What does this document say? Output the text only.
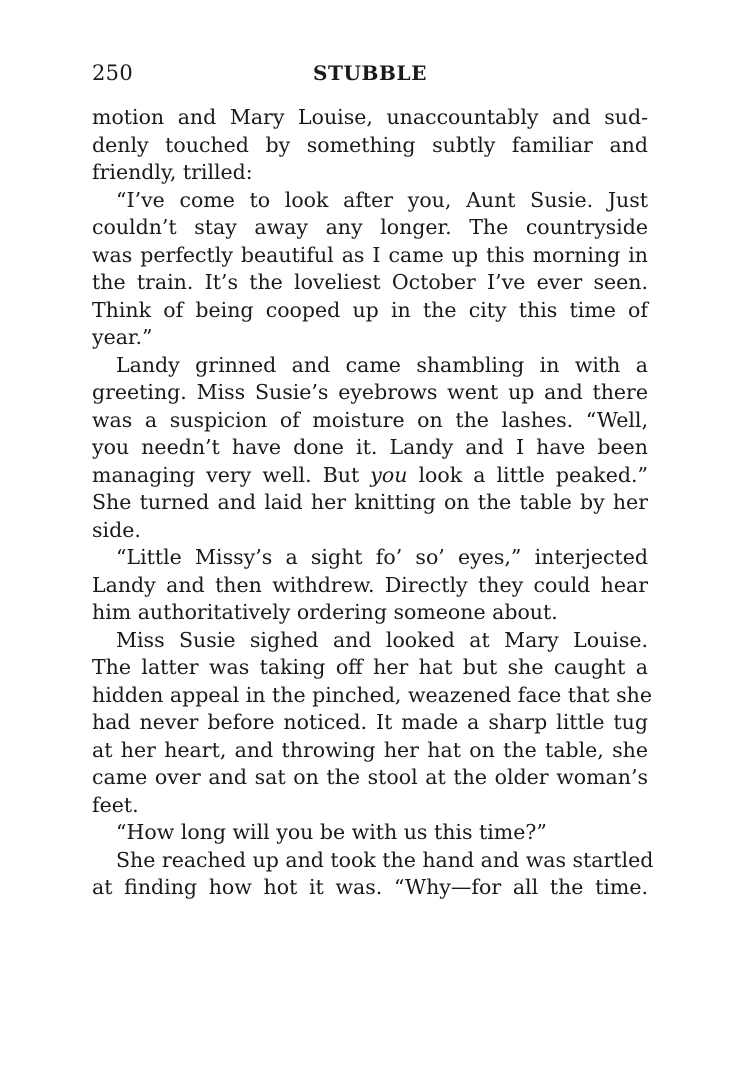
250	STUBBLE
motion and Mary Louise, unaccountably and sud-
denly touched by something subtly familiar and
friendly, trilled:
“I’ve come to look after you, Aunt Susie. Just
couldn’t stay away any longer. The countryside
was perfectly beautiful as I came up this morning in
the train. It’s the loveliest October I’ve ever seen.
Think of being cooped up in the city this time of
year.”
Landy grinned and came shambling in with a
greeting. Miss Susie’s eyebrows went up and there
was a suspicion of moisture on the lashes. “Well,
you needn’t have done it. Landy and I have been
managing very well. But you look a little peaked.”
She turned and laid her knitting on the table by her
side.
“Little Missy’s a sight fo’ so’ eyes,” interjected
Landy and then withdrew. Directly they could hear
him authoritatively ordering someone about.
Miss Susie sighed and looked at Mary Louise.
The latter was taking off her hat but she caught a
hidden appeal in the pinched, weazened face that she
had never before noticed. It made a sharp little tug
at her heart, and throwing her hat on the table, she
came over and sat on the stool at the older woman’s
feet.
“How long will you be with us this time?”
She reached up and took the hand and was startled
at finding how hot it was. “Why—for all the time.
